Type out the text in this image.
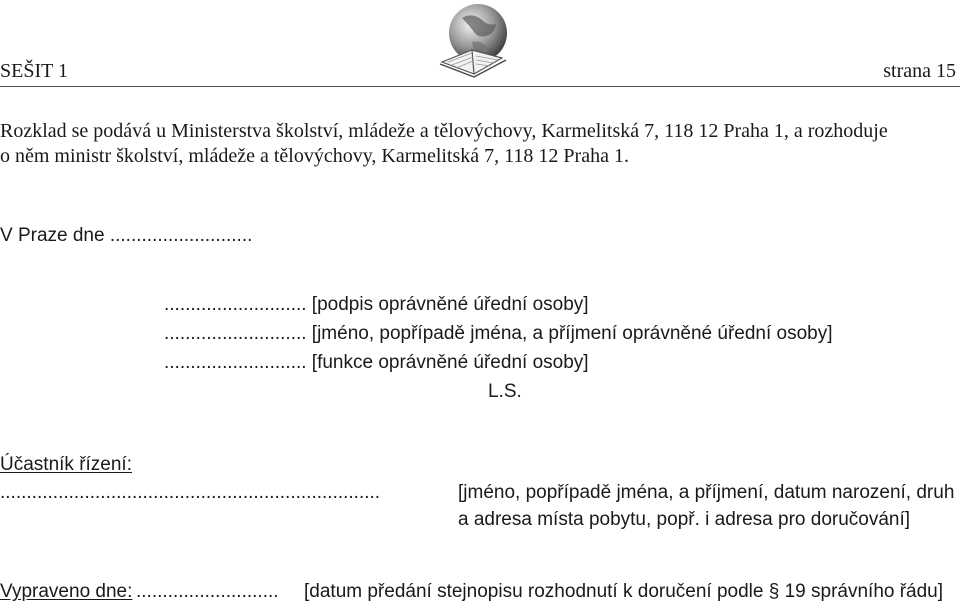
SEŠIT 1	strana 15
Rozklad se podává u Ministerstva školství, mládeže a tělovýchovy, Karmelitská 7, 118 12 Praha 1, a rozhoduje
o něm ministr školství, mládeže a tělovýchovy, Karmelitská 7, 118 12 Praha 1.
V Praze dne ...........................
........................... [podpis oprávněné úřední osoby]
........................... [jméno, popřípadě jména, a příjmení oprávněné úřední osoby]
........................... [funkce oprávněné úřední osoby]
L.S.
Účastník řízení:
........................................................................	[jméno, popřípadě jména, a příjmení, datum narození, druh
a adresa místa pobytu, popř. i adresa pro doručování]
Vypraveno dne: ........................... [datum předání stejnopisu rozhodnutí k doručení podle § 19 správního řádu]
